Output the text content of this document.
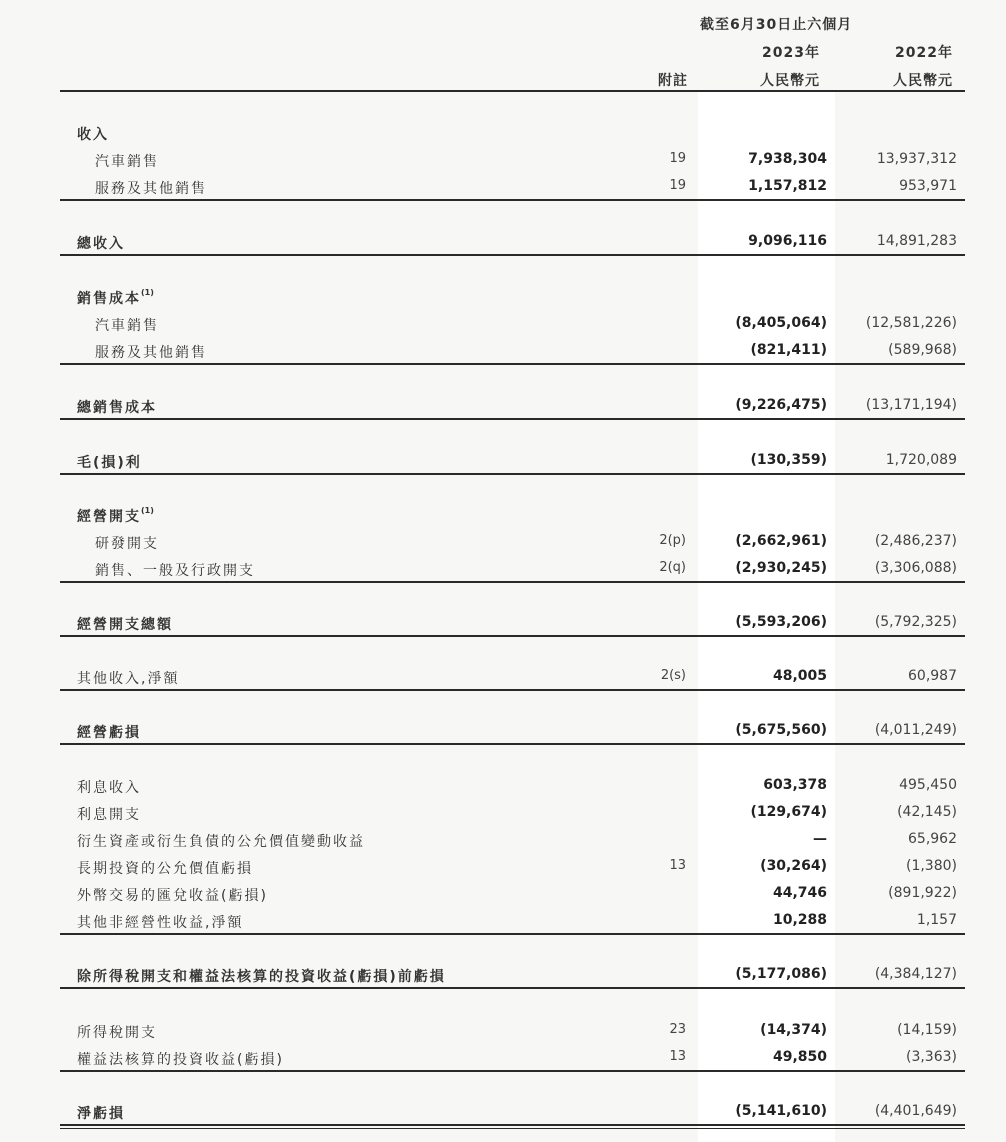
截至6月30日止六個月
2023年	2022年
附註	人民幣元	人民幣元
收入
汽車銷售	19	7,938,304	13,937,312
服務及其他銷售	19	1,157,812	953,971
總收入	9,096,116	14,891,283
銷售成本$^{(1)}$
汽車銷售	(8,405,064)	(12,581,226)
服務及其他銷售	(821,411)	(589,968)
總銷售成本	(9,226,475)	(13,171,194)
毛(損)利	(130,359)	1,720,089
經營開支$^{(1)}$
研發開支	2(p)	(2,662,961)	(2,486,237)
銷售、一般及行政開支	2(q)	(2,930,245)	(3,306,088)
經營開支總額	(5,593,206)	(5,792,325)
其他收入,淨額	2(s)	48,005	60,987
經營虧損	(5,675,560)	(4,011,249)
利息收入	603,378	495,450
利息開支	(129,674)	(42,145)
衍生資產或衍生負債的公允價值變動收益	—	65,962
長期投資的公允價值虧損	13	(30,264)	(1,380)
外幣交易的匯兌收益(虧損)	44,746	(891,922)
其他非經營性收益,淨額	10,288	1,157
除所得稅開支和權益法核算的投資收益(虧損)前虧損	(5,177,086)	(4,384,127)
所得稅開支	23	(14,374)	(14,159)
權益法核算的投資收益(虧損)	13	49,850	(3,363)
淨虧損	(5,141,610)	(4,401,649)
